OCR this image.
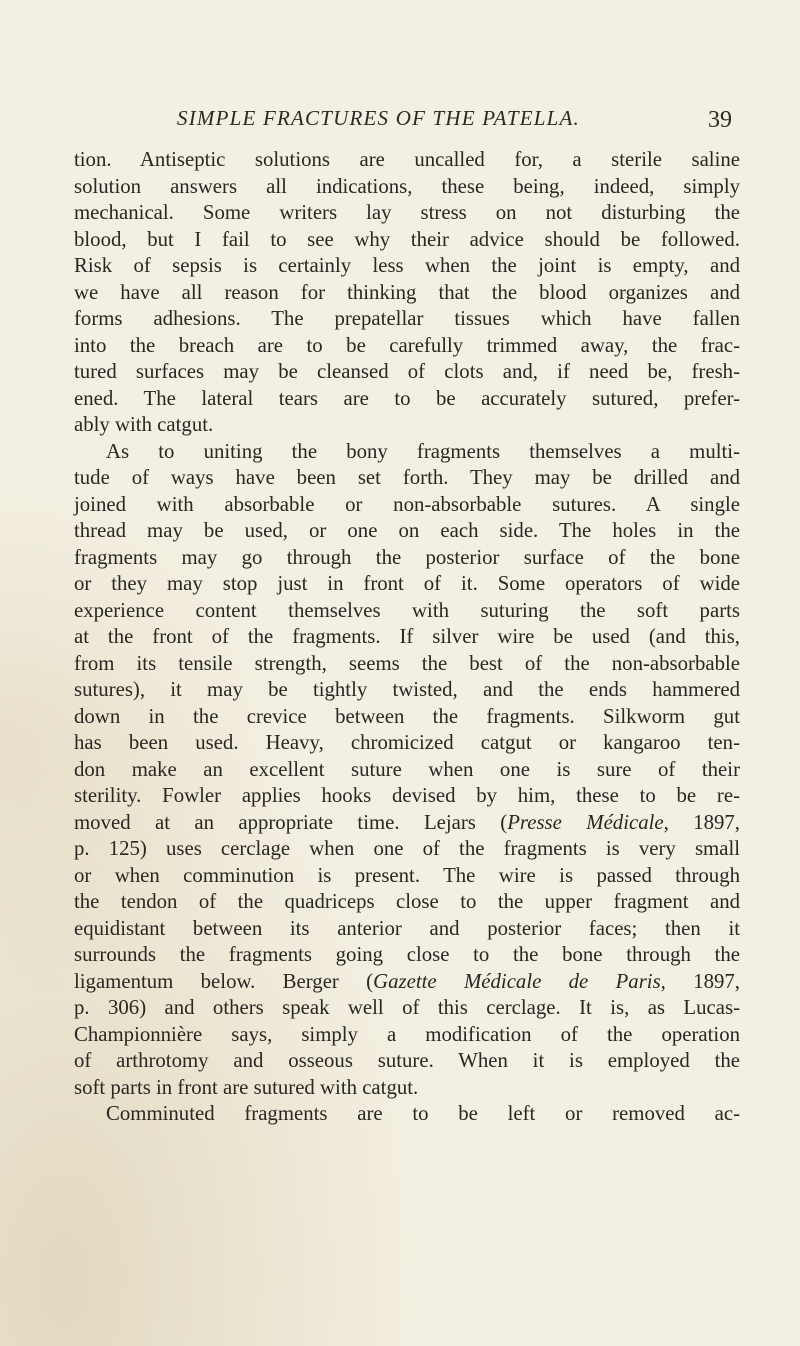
SIMPLE FRACTURES OF THE PATELLA.	39
tion. Antiseptic solutions are uncalled for, a sterile saline
solution answers all indications, these being, indeed, simply
mechanical. Some writers lay stress on not disturbing the
blood, but I fail to see why their advice should be followed.
Risk of sepsis is certainly less when the joint is empty, and
we have all reason for thinking that the blood organizes and
forms adhesions. The prepatellar tissues which have fallen
into the breach are to be carefully trimmed away, the frac-
tured surfaces may be cleansed of clots and, if need be, fresh-
ened. The lateral tears are to be accurately sutured, prefer-
ably with catgut.
As to uniting the bony fragments themselves a multi-
tude of ways have been set forth. They may be drilled and
joined with absorbable or non-absorbable sutures. A single
thread may be used, or one on each side. The holes in the
fragments may go through the posterior surface of the bone
or they may stop just in front of it. Some operators of wide
experience content themselves with suturing the soft parts
at the front of the fragments. If silver wire be used (and this,
from its tensile strength, seems the best of the non-absorbable
sutures), it may be tightly twisted, and the ends hammered
down in the crevice between the fragments. Silkworm gut
has been used. Heavy, chromicized catgut or kangaroo ten-
don make an excellent suture when one is sure of their
sterility. Fowler applies hooks devised by him, these to be re-
moved at an appropriate time. Lejars (Presse Médicale, 1897,
p. 125) uses cerclage when one of the fragments is very small
or when comminution is present. The wire is passed through
the tendon of the quadriceps close to the upper fragment and
equidistant between its anterior and posterior faces; then it
surrounds the fragments going close to the bone through the
ligamentum below. Berger (Gazette Médicale de Paris, 1897,
p. 306) and others speak well of this cerclage. It is, as Lucas-
Championnière says, simply a modification of the operation
of arthrotomy and osseous suture. When it is employed the
soft parts in front are sutured with catgut.
Comminuted fragments are to be left or removed ac-
